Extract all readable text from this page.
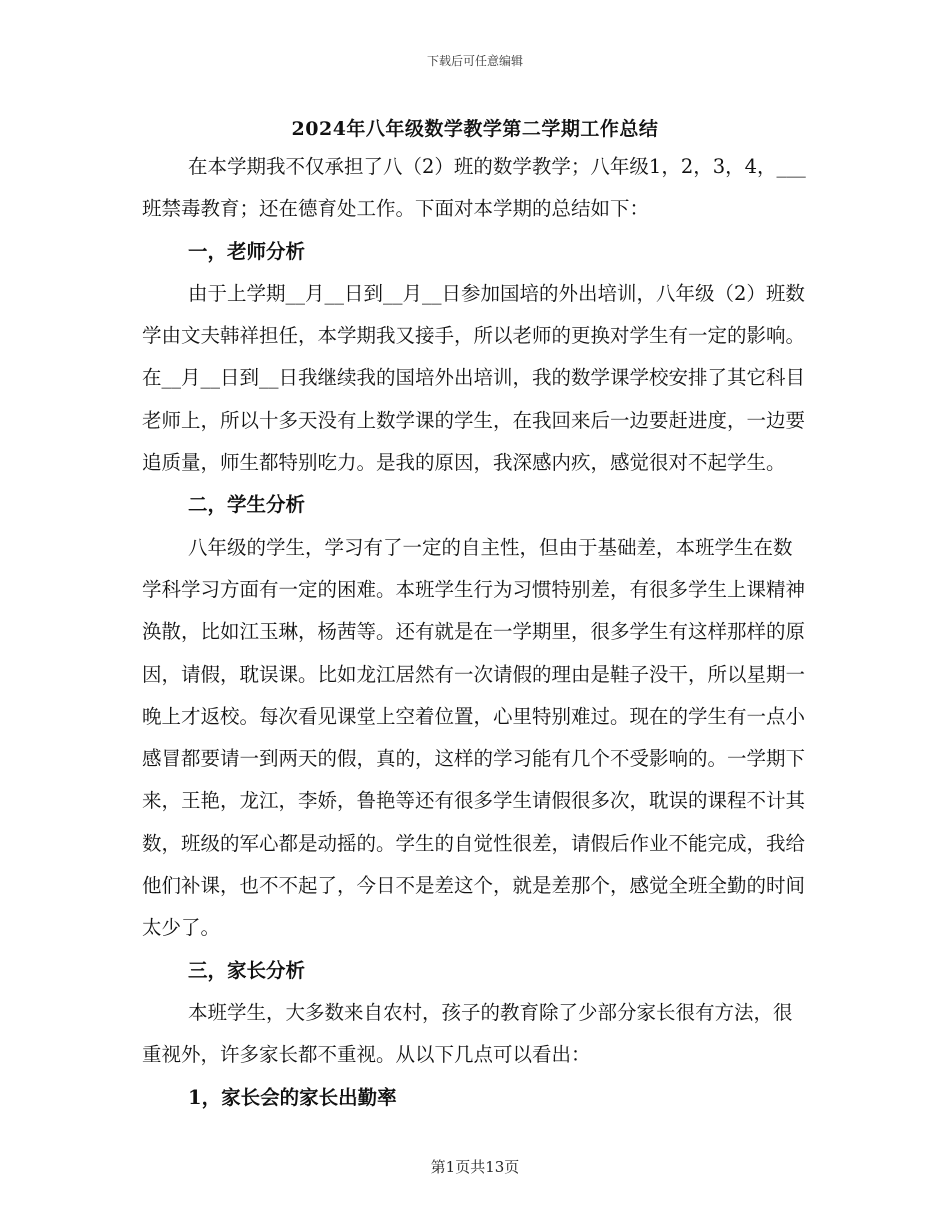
下载后可任意编辑
2024年八年级数学教学第二学期工作总结

在本学期我不仅承担了八（2）班的数学教学；八年级1，2，3，4，___班禁毒教育；还在德育处工作。下面对本学期的总结如下：

一，老师分析

由于上学期__月__日到__月__日参加国培的外出培训，八年级（2）班数学由文夫韩祥担任，本学期我又接手，所以老师的更换对学生有一定的影响。在__月__日到__日我继续我的国培外出培训，我的数学课学校安排了其它科目老师上，所以十多天没有上数学课的学生，在我回来后一边要赶进度，一边要追质量，师生都特别吃力。是我的原因，我深感内疚，感觉很对不起学生。

二，学生分析

八年级的学生，学习有了一定的自主性，但由于基础差，本班学生在数学科学习方面有一定的困难。本班学生行为习惯特别差，有很多学生上课精神涣散，比如江玉琳，杨茜等。还有就是在一学期里，很多学生有这样那样的原因，请假，耽误课。比如龙江居然有一次请假的理由是鞋子没干，所以星期一晚上才返校。每次看见课堂上空着位置，心里特别难过。现在的学生有一点小感冒都要请一到两天的假，真的，这样的学习能有几个不受影响的。一学期下来，王艳，龙江，李娇，鲁艳等还有很多学生请假很多次，耽误的课程不计其数，班级的军心都是动摇的。学生的自觉性很差，请假后作业不能完成，我给他们补课，也不不起了，今日不是差这个，就是差那个，感觉全班全勤的时间太少了。

三，家长分析

本班学生，大多数来自农村，孩子的教育除了少部分家长很有方法，很重视外，许多家长都不重视。从以下几点可以看出：

1，家长会的家长出勤率
第1页共13页
